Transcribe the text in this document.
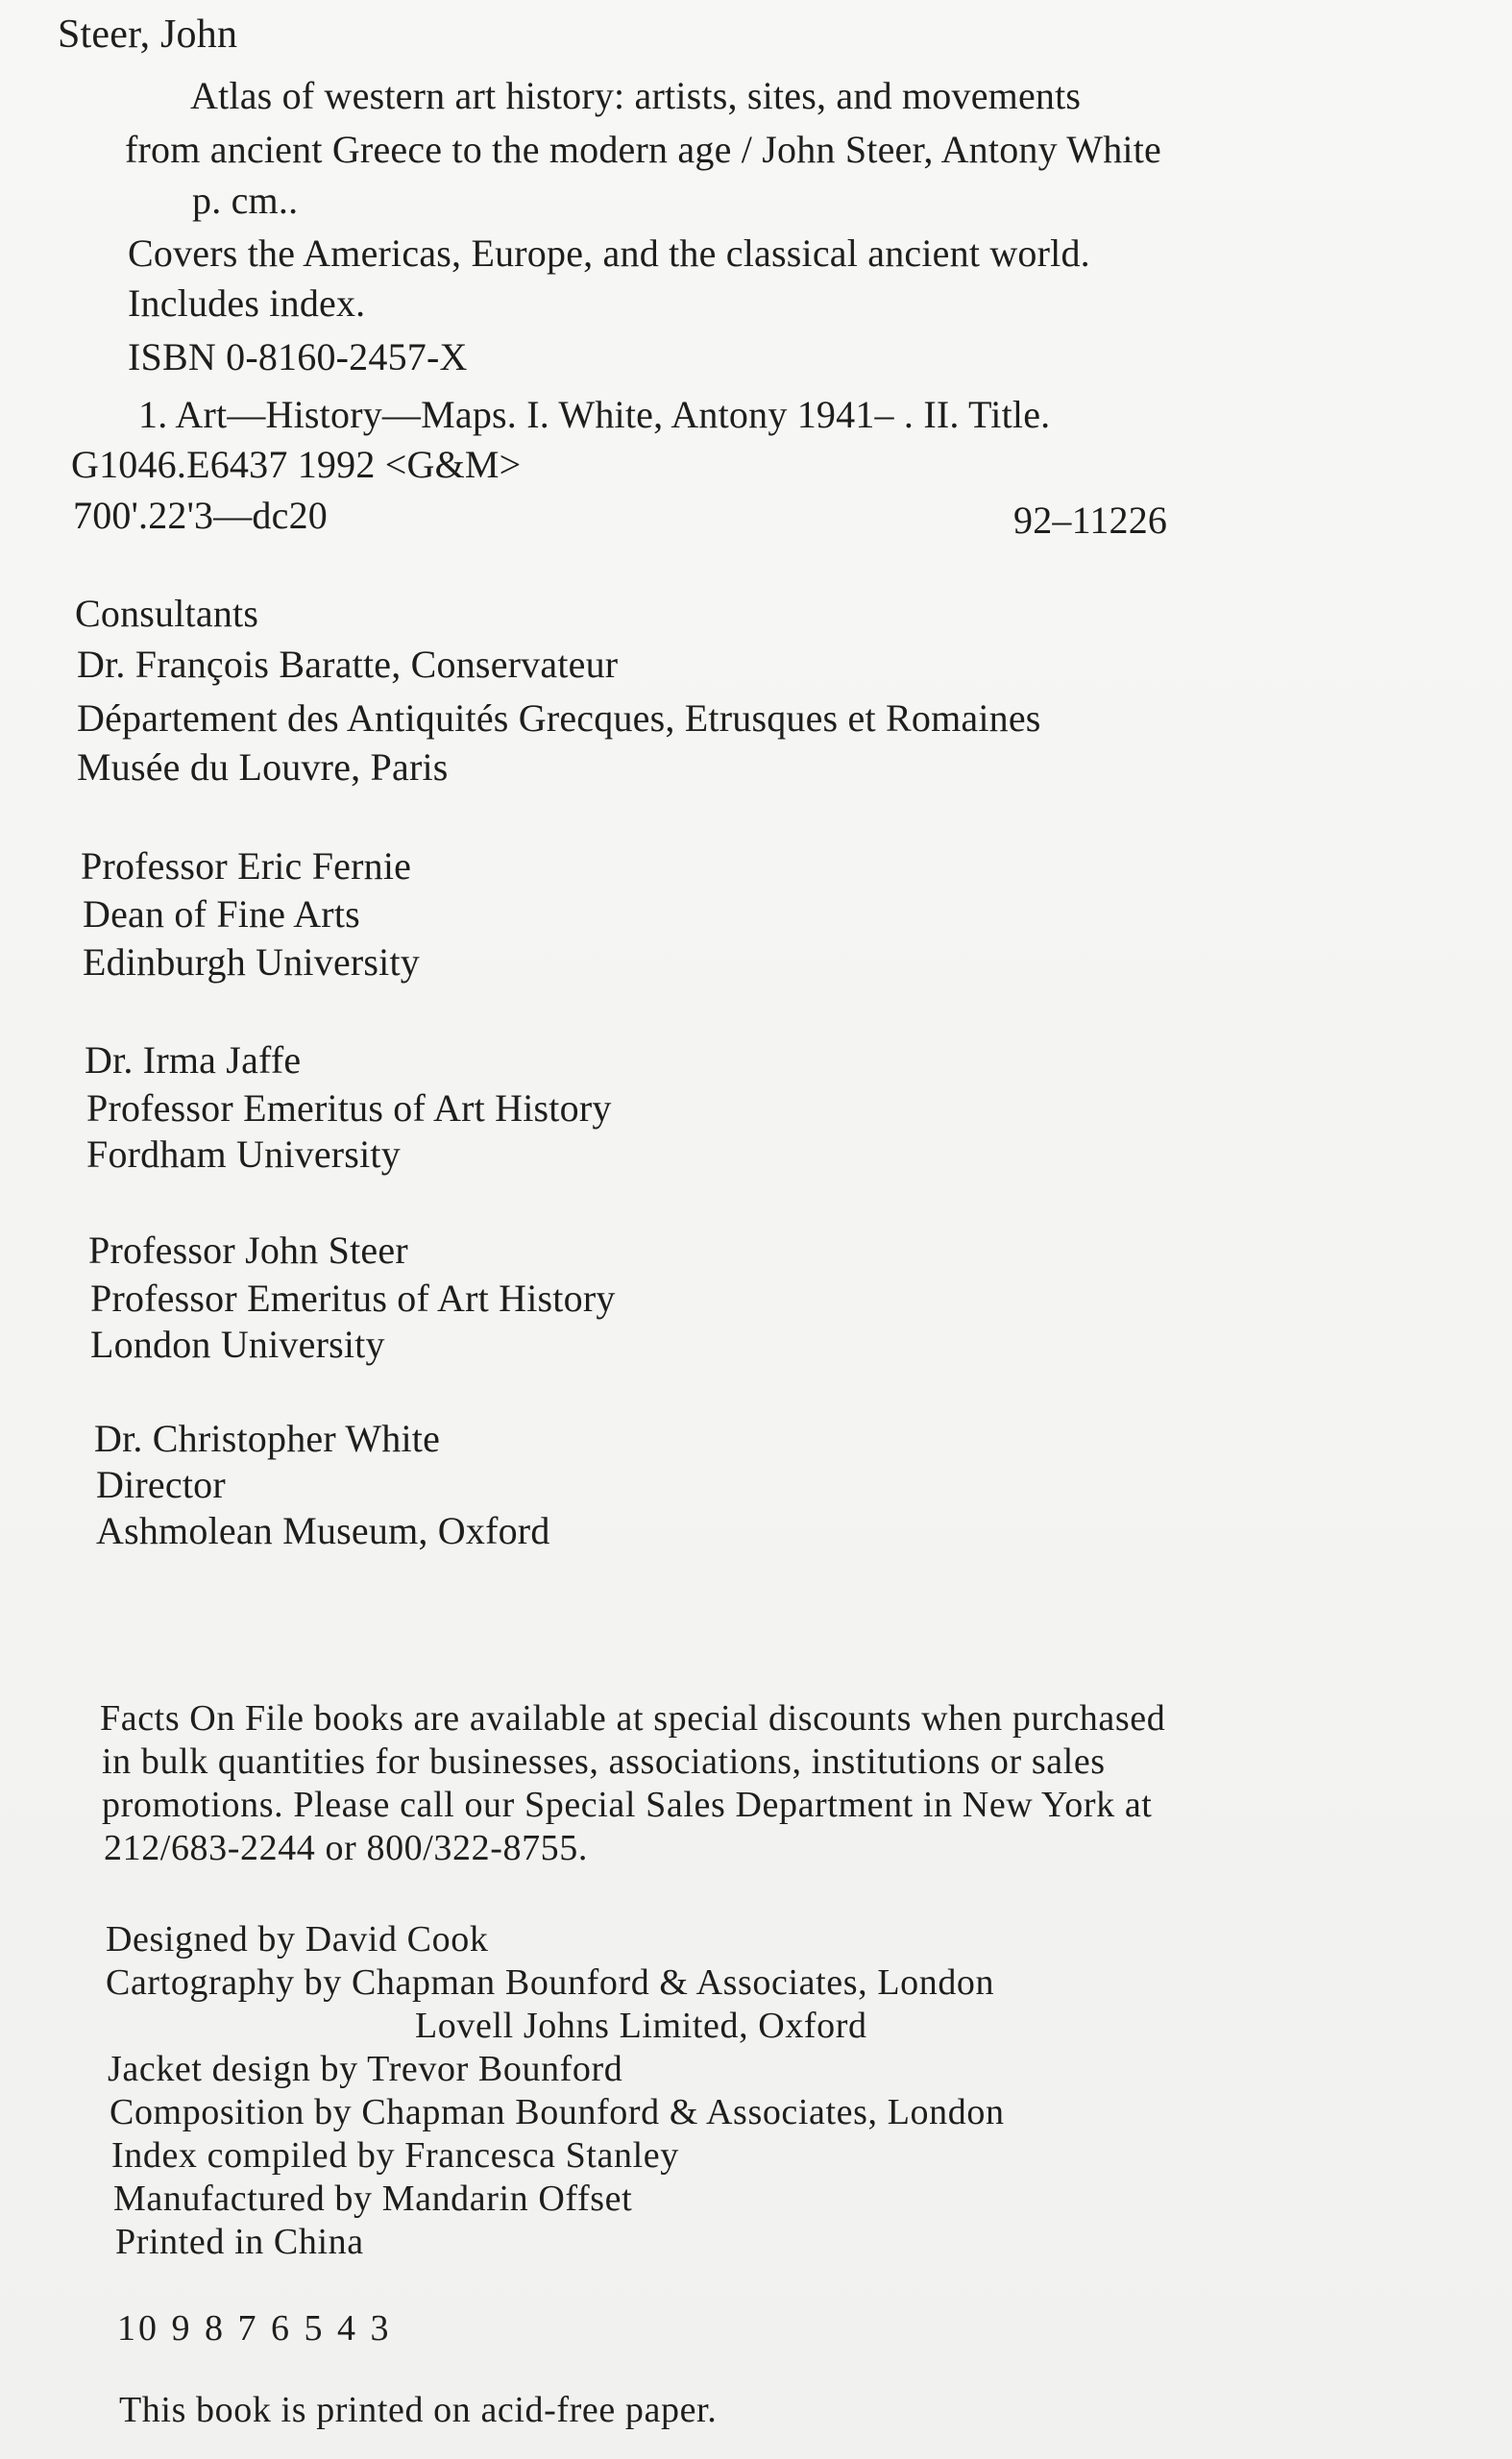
Steer, John
Atlas of western art history: artists, sites, and movements
from ancient Greece to the modern age / John Steer, Antony White
p. cm..
Covers the Americas, Europe, and the classical ancient world.
Includes index.
ISBN 0-8160-2457-X
1. Art—History—Maps. I. White, Antony 1941– . II. Title.
G1046.E6437 1992 <G&M>
700'.22'3—dc20	92–11226
Consultants
Dr. François Baratte, Conservateur
Département des Antiquités Grecques, Etrusques et Romaines
Musée du Louvre, Paris
Professor Eric Fernie
Dean of Fine Arts
Edinburgh University
Dr. Irma Jaffe
Professor Emeritus of Art History
Fordham University
Professor John Steer
Professor Emeritus of Art History
London University
Dr. Christopher White
Director
Ashmolean Museum, Oxford
Facts On File books are available at special discounts when purchased
in bulk quantities for businesses, associations, institutions or sales
promotions. Please call our Special Sales Department in New York at
212/683-2244 or 800/322-8755.
Designed by David Cook
Cartography by Chapman Bounford & Associates, London
Lovell Johns Limited, Oxford
Jacket design by Trevor Bounford
Composition by Chapman Bounford & Associates, London
Index compiled by Francesca Stanley
Manufactured by Mandarin Offset
Printed in China
10 9 8 7 6 5 4 3
This book is printed on acid-free paper.
